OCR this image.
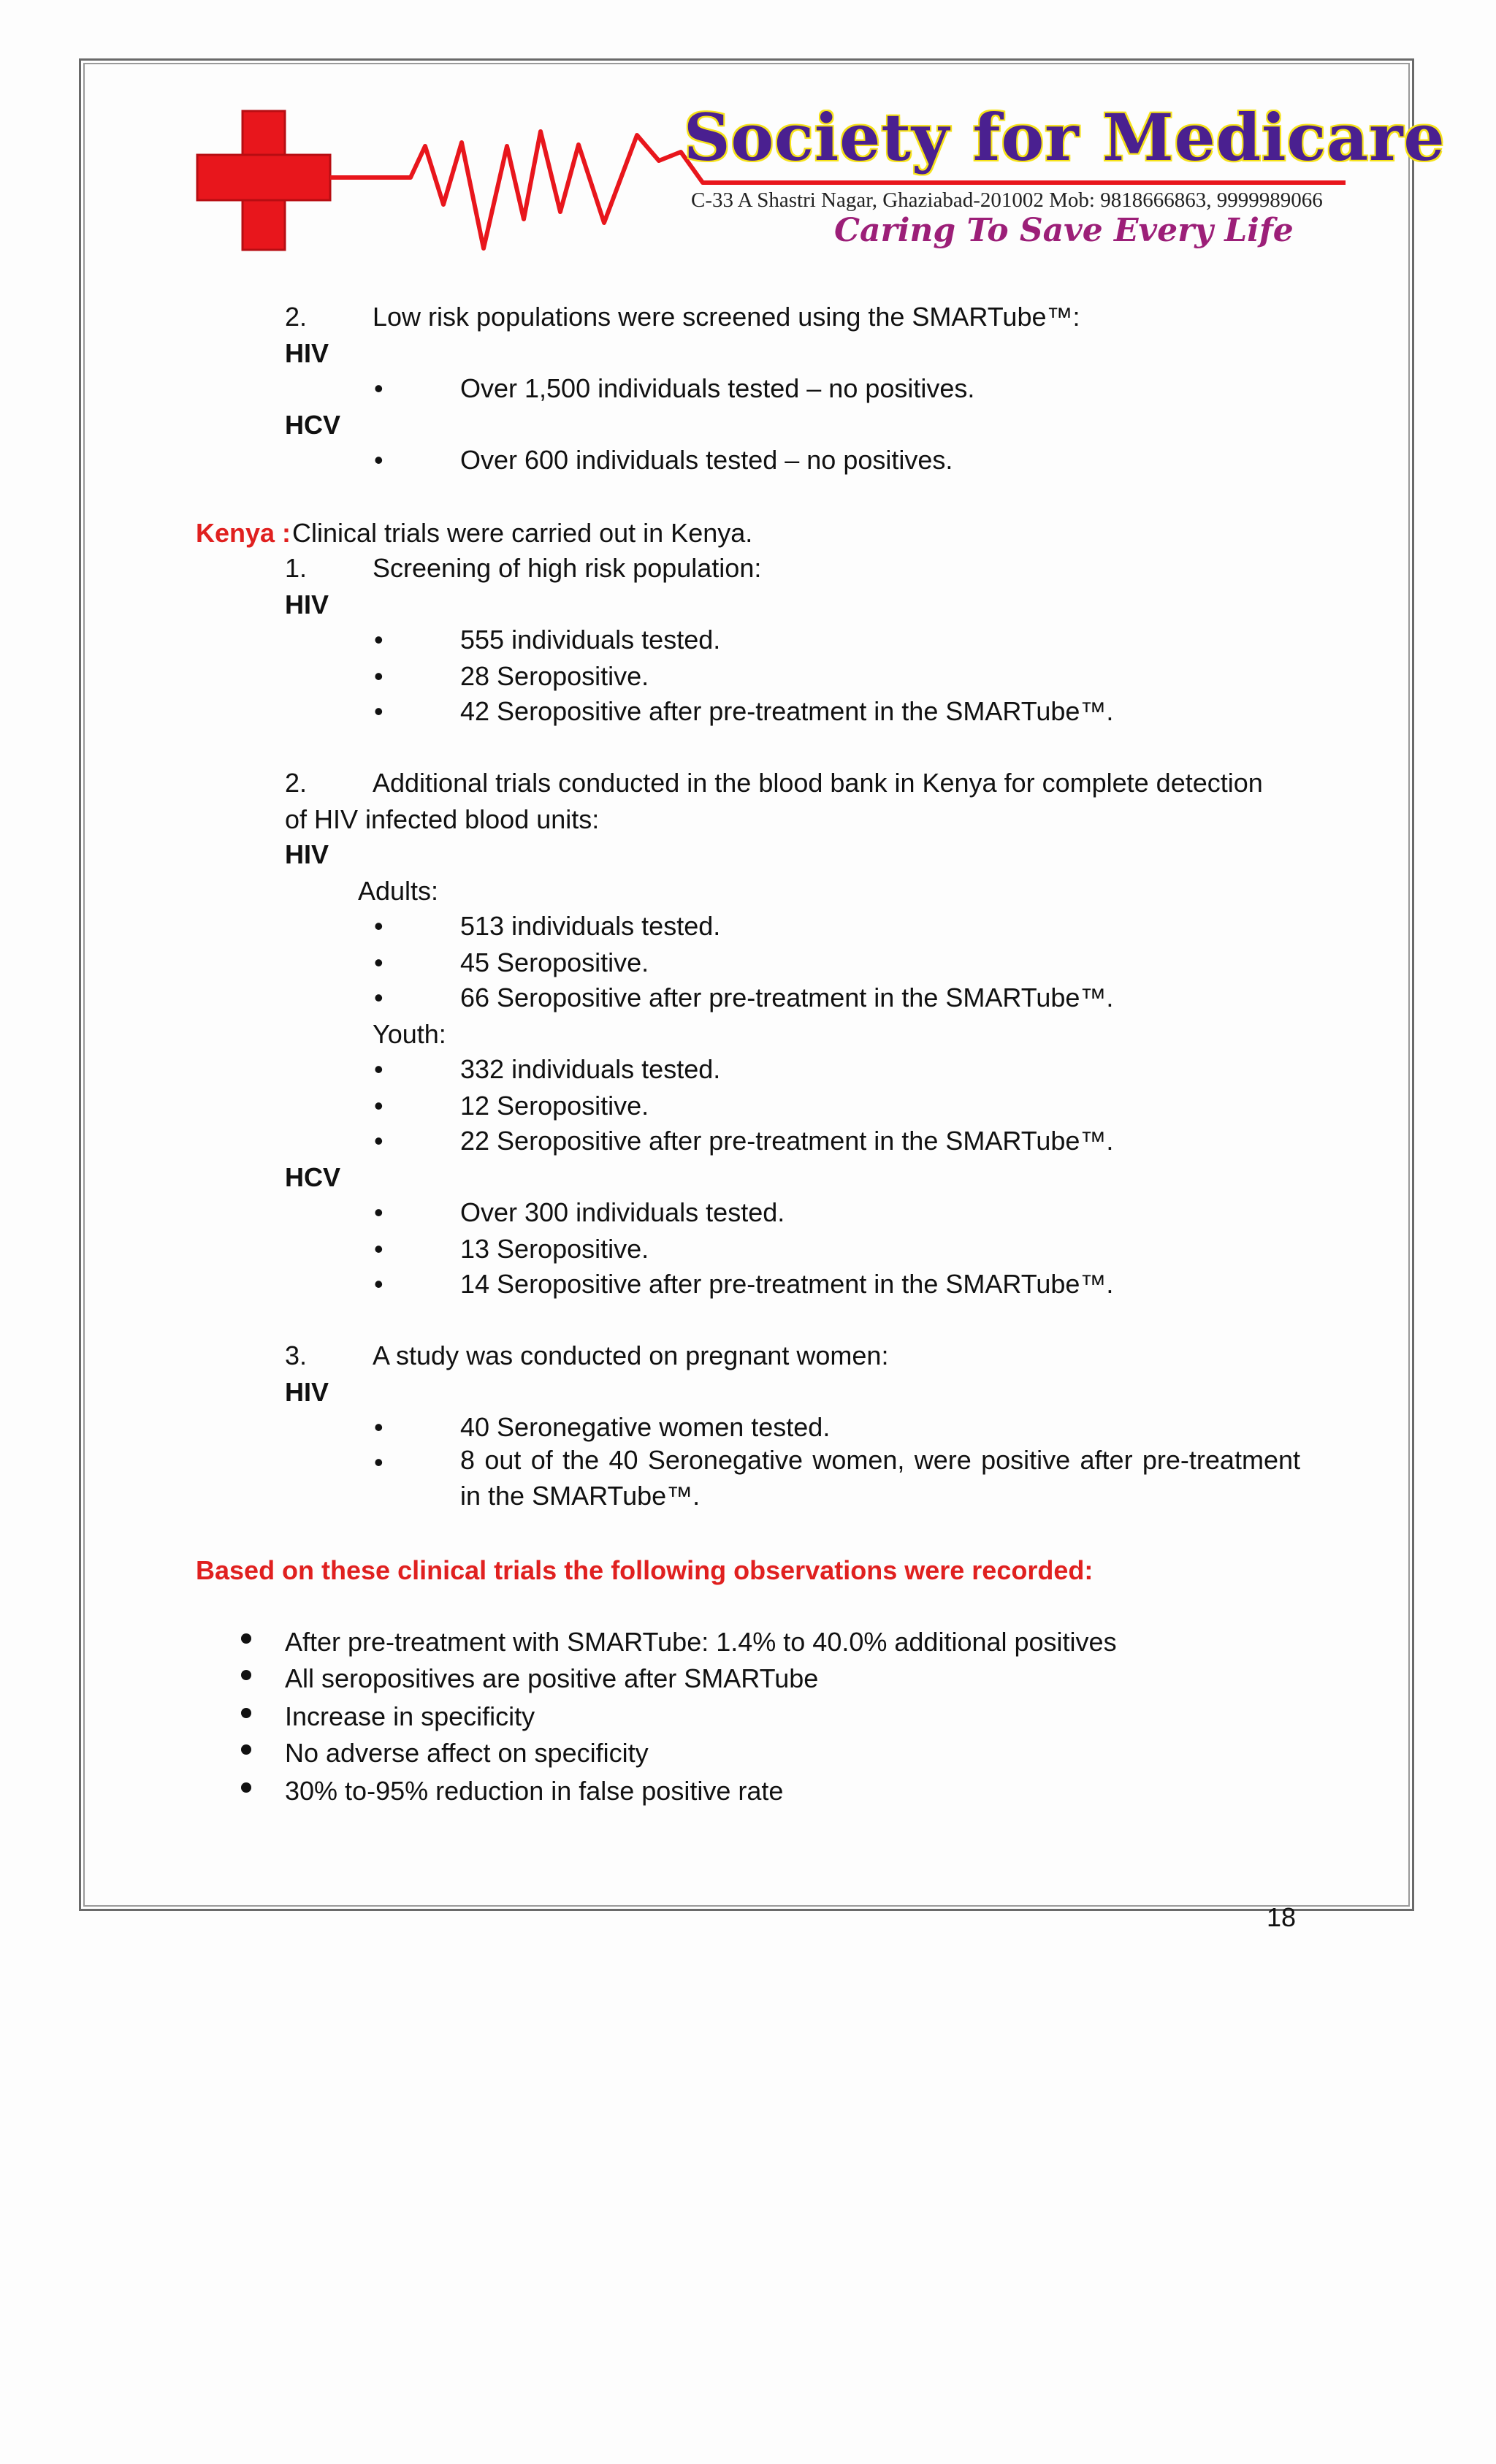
Society for Medicare
C-33 A Shastri Nagar, Ghaziabad-201002 Mob: 9818666863, 9999989066
Caring To Save Every Life
2. Low risk populations were screened using the SMARTube™:
HIV
•	Over 1,500 individuals tested – no positives.
HCV
•	Over 600 individuals tested – no positives.
Kenya : Clinical trials were carried out in Kenya.
1. Screening of high risk population:
HIV
•	555 individuals tested.
•	28 Seropositive.
•	42 Seropositive after pre-treatment in the SMARTube™.
2. Additional trials conducted in the blood bank in Kenya for complete detection
of HIV infected blood units:
HIV
Adults:
•	513 individuals tested.
•	45 Seropositive.
•	66 Seropositive after pre-treatment in the SMARTube™.
Youth:
•	332 individuals tested.
•	12 Seropositive.
•	22 Seropositive after pre-treatment in the SMARTube™.
HCV
•	Over 300 individuals tested.
•	13 Seropositive.
•	14 Seropositive after pre-treatment in the SMARTube™.
3. A study was conducted on pregnant women:
HIV
•	40 Seronegative women tested.
•	8 out of the 40 Seronegative women, were positive after pre-treatment in the SMARTube™.
Based on these clinical trials the following observations were recorded:
After pre-treatment with SMARTube: 1.4% to 40.0% additional positives
All seropositives are positive after SMARTube
Increase in specificity
No adverse affect on specificity
30% to-95% reduction in false positive rate
18
